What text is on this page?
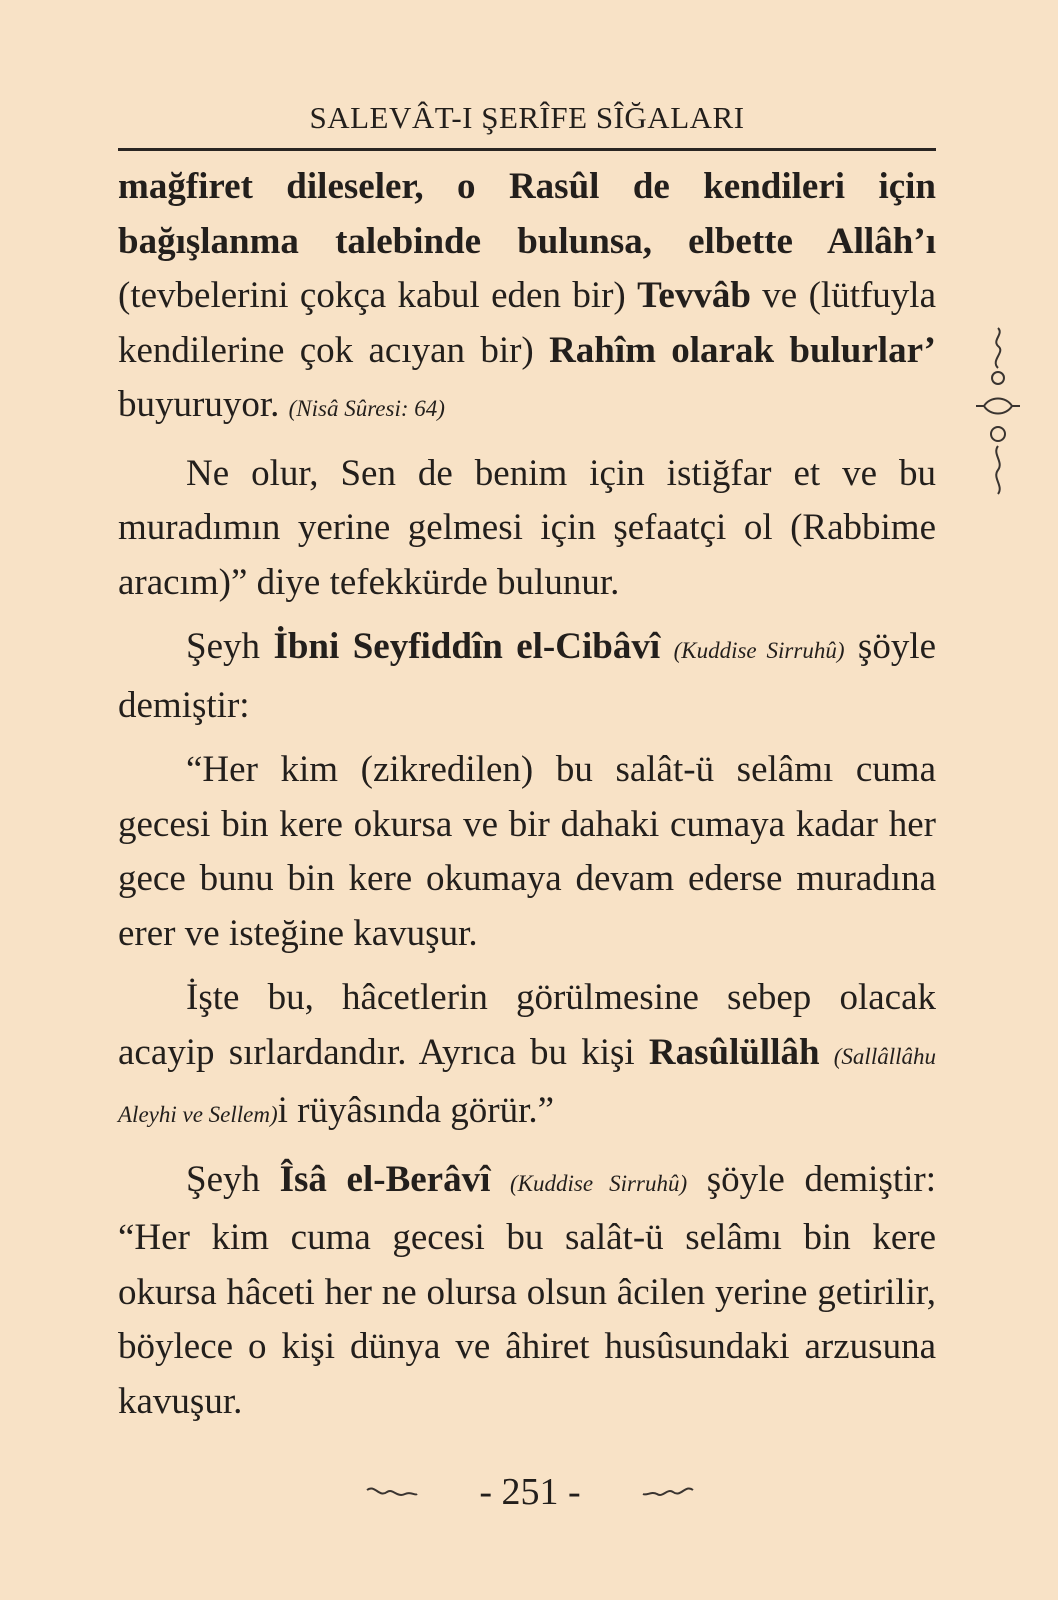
SALEVÂT-I ŞERÎFE SÎĞALARI

mağfiret dileseler, o Rasûl de kendileri için bağışlanma talebinde bulunsa, elbette Allâh’ı (tevbelerini çokça kabul eden bir) Tevvâb ve (lütfuyla kendilerine çok acıyan bir) Rahîm olarak bulurlar’ buyuruyor. (Nisâ Sûresi: 64)

Ne olur, Sen de benim için istiğfar et ve bu muradımın yerine gelmesi için şefaatçi ol (Rabbime aracım)” diye tefekkürde bulunur.

Şeyh İbni Seyfiddîn el-Cibâvî (Kuddise Sirruhû) şöyle demiştir:

“Her kim (zikredilen) bu salât-ü selâmı cuma gecesi bin kere okursa ve bir dahaki cumaya kadar her gece bunu bin kere okumaya devam ederse muradına erer ve isteğine kavuşur.

İşte bu, hâcetlerin görülmesine sebep olacak acayip sırlardandır. Ayrıca bu kişi Rasûlüllâh (Sallâllâhu Aleyhi ve Sellem)i rüyâsında görür.”

Şeyh Îsâ el-Berâvî (Kuddise Sirruhû) şöyle demiştir: “Her kim cuma gecesi bu salât-ü selâmı bin kere okursa hâceti her ne olursa olsun âcilen yerine getirilir, böylece o kişi dünya ve âhiret husûsundaki arzusuna kavuşur.

- 251 -
